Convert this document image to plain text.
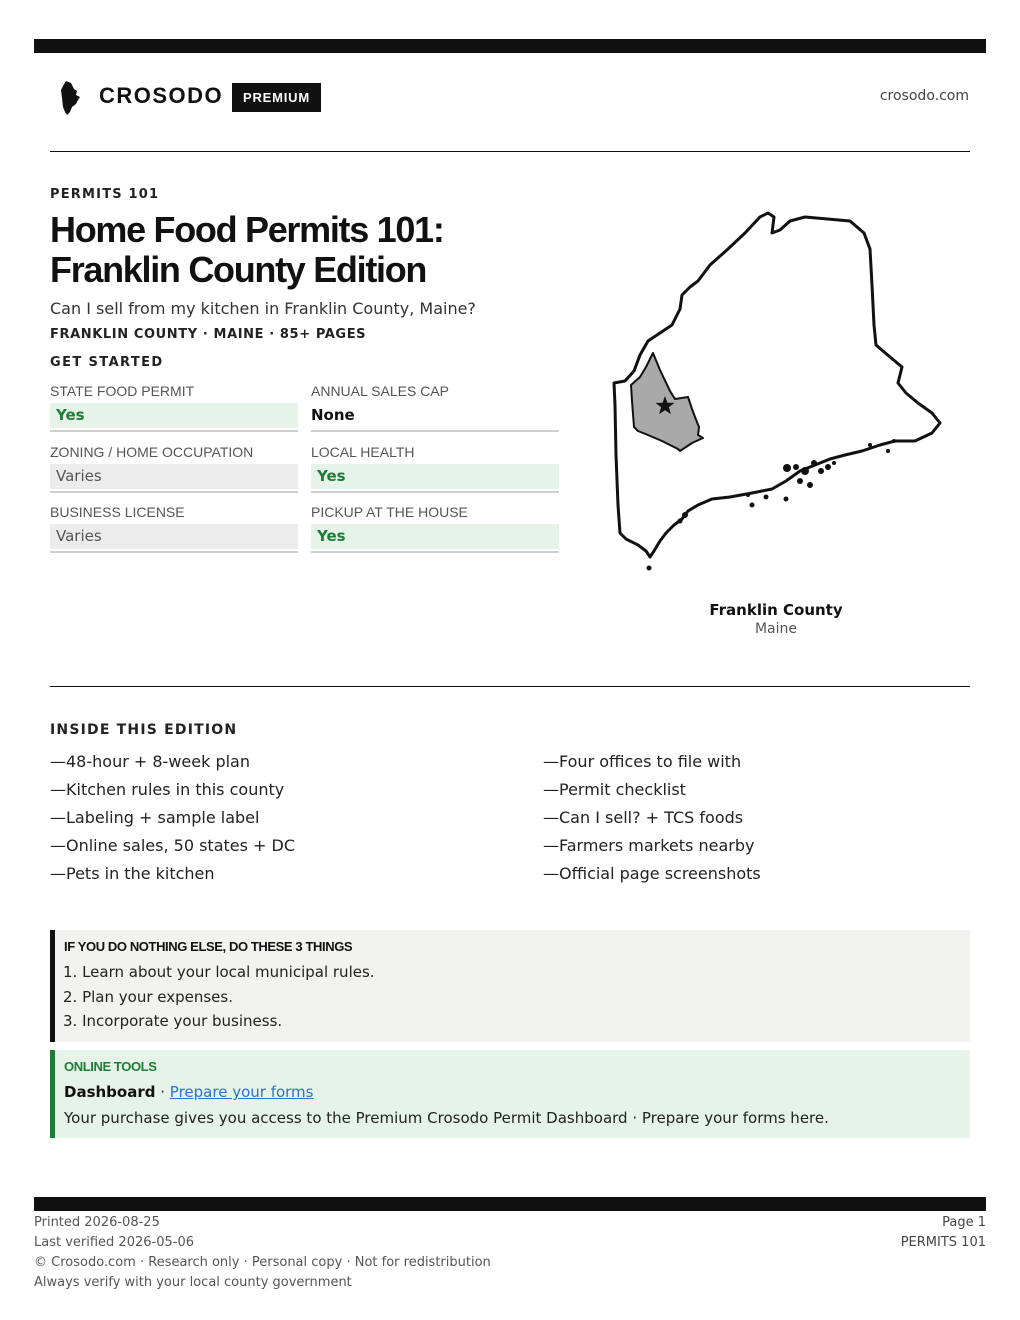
CROSODO	PREMIUM	crosodo.com
PERMITS 101
Home Food Permits 101: Franklin County Edition
Can I sell from my kitchen in Franklin County, Maine?
FRANKLIN COUNTY · MAINE · 85+ PAGES
GET STARTED
STATE FOOD PERMIT
Yes
ANNUAL SALES CAP
None
ZONING / HOME OCCUPATION
Varies
LOCAL HEALTH
Yes
BUSINESS LICENSE
Varies
PICKUP AT THE HOUSE
Yes
Franklin County
Maine
INSIDE THIS EDITION
—48-hour + 8-week plan
—Kitchen rules in this county
—Labeling + sample label
—Online sales, 50 states + DC
—Pets in the kitchen
—Four offices to file with
—Permit checklist
—Can I sell? + TCS foods
—Farmers markets nearby
—Official page screenshots
IF YOU DO NOTHING ELSE, DO THESE 3 THINGS
1. Learn about your local municipal rules.
2. Plan your expenses.
3. Incorporate your business.
ONLINE TOOLS
Dashboard · Prepare your forms
Your purchase gives you access to the Premium Crosodo Permit Dashboard · Prepare your forms here.
Printed 2026-08-25
Last verified 2026-05-06
© Crosodo.com · Research only · Personal copy · Not for redistribution
Always verify with your local county government
Page 1
PERMITS 101
